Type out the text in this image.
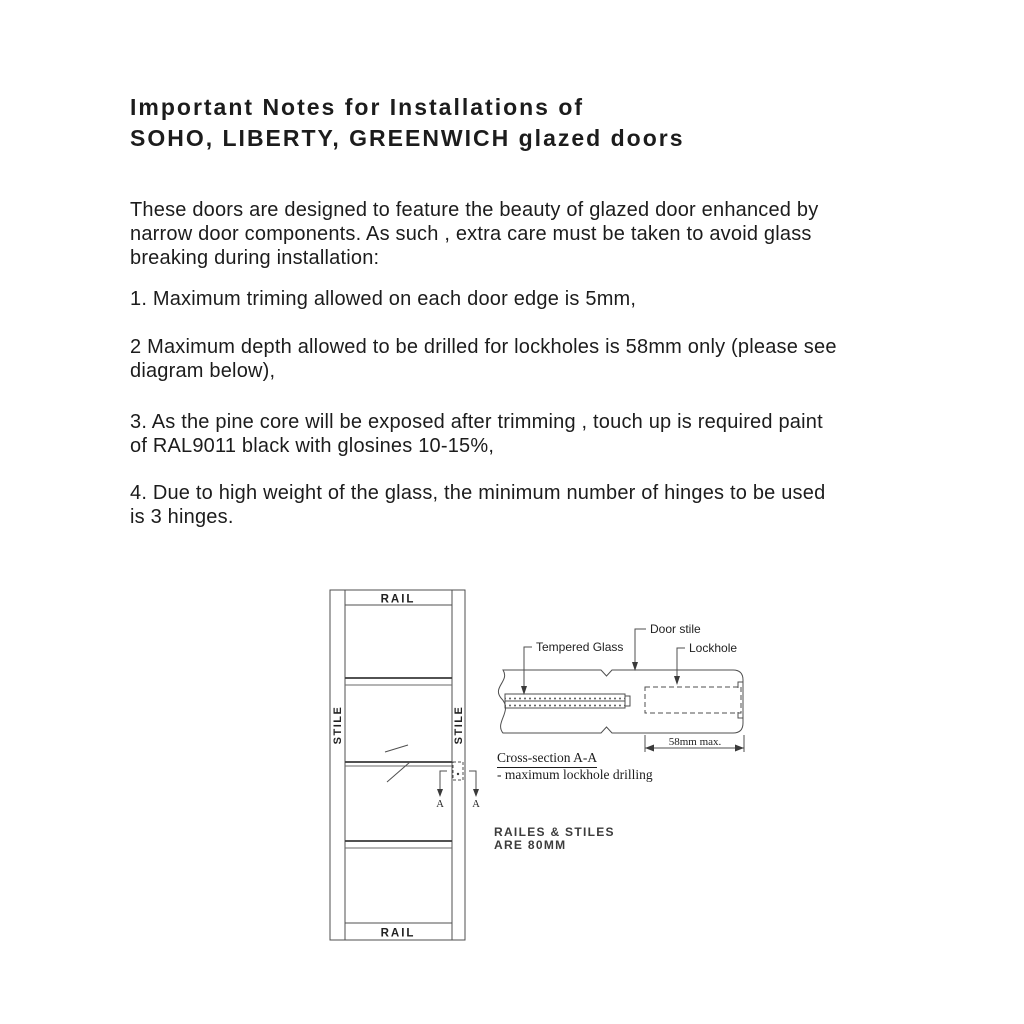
Important Notes for Installations of
SOHO, LIBERTY, GREENWICH glazed doors
These doors are designed to feature the beauty of glazed door enhanced by
narrow door components. As such , extra care must be taken to avoid glass
breaking during installation:
1. Maximum triming allowed on each door edge is 5mm,
2 Maximum depth allowed to be drilled for lockholes is 58mm only (please see
diagram below),
3. As the pine core will be exposed after trimming , touch up is required paint
of RAL9011 black with glosines 10-15%,
4. Due to high weight of the glass, the minimum number of hinges to be used
is 3 hinges.
RAIL
RAIL
STILE	STILE
A	A
Tempered Glass
Door stile
Lockhole
58mm max.
Cross-section A-A
- maximum lockhole drilling
RAILES & STILES
ARE 80MM
